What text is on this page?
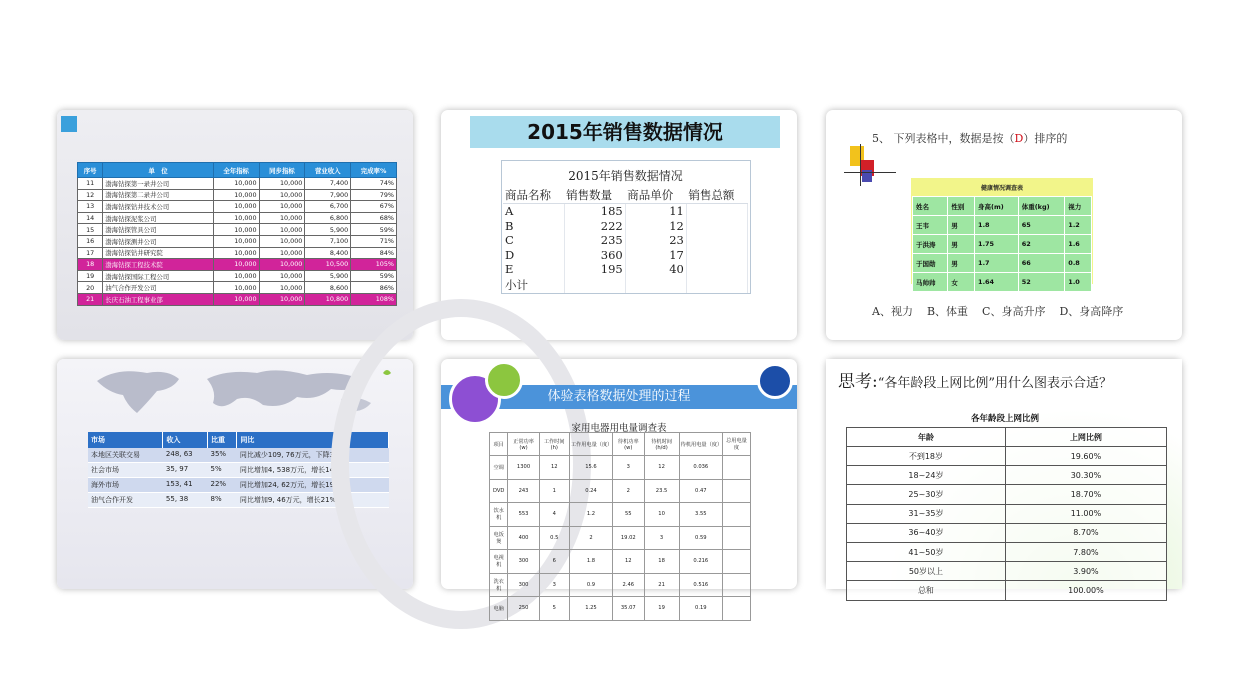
序号	单　位	全年指标	同步指标	营业收入	完成率%
11	渤海钻探第一录井公司	10,000	10,000	7,400	74%
12	渤海钻探第二录井公司	10,000	10,000	7,900	79%
13	渤海钻探钻井技术公司	10,000	10,000	6,700	67%
14	渤海钻探泥浆公司	10,000	10,000	6,800	68%
15	渤海钻探管具公司	10,000	10,000	5,900	59%
16	渤海钻探测井公司	10,000	10,000	7,100	71%
17	渤海钻探钻井研究院	10,000	10,000	8,400	84%
18	渤海钻探工程技术院	10,000	10,000	10,500	105%
19	渤海钻探国际工程公司	10,000	10,000	5,900	59%
20	油气合作开发公司	10,000	10,000	8,600	86%
21	长庆石油工程事业部	10,000	10,000	10,800	108%
2015年销售数据情况
2015年销售数据情况
商品名称	销售数量	商品单价	销售总额
A	185	11	
B	222	12	
C	235	23	
D	360	17	
E	195	40	
小计			
5、 下列表格中，数据是按（D）排序的
健康情况调查表
姓名	性别	身高(m)	体重(kg)	视力
王韦	男	1.8	65	1.2
于洪涛	男	1.75	62	1.6
于国勋	男	1.7	66	0.8
马帅帅	女	1.64	52	1.0
A、视力 B、体重 C、身高升序 D、身高降序
市场	收入	比重	同比
本地区关联交易	248, 63	35%	同比减少109, 76万元，下降31%
社会市场	35, 97	5%	同比增加4, 538万元，增长14%
海外市场	153, 41	22%	同比增加24, 62万元，增长19%
油气合作开发	55, 38	8%	同比增加9, 46万元，增长21%
体验表格数据处理的过程
家用电器用电量调查表
项目	正常功率(w)	工作时间(h)	工作用电量（度）	待机功率(w)	待机时间(h/d)	待机用电量（度）	总用电量度
空调	1300	12	15.6	3	12	0.036	
DVD	243	1	0.24	2	23.5	0.47	
饮水机	553	4	1.2	55	10	3.55	
电饭煲	400	0.5	2	19.02	3	0.59	
电视机	300	6	1.8	12	18	0.216	
洗衣机	300	3	0.9	2.46	21	0.516	
电脑	250	5	1.25	35.07	19	0.19	
思考:“各年龄段上网比例”用什么图表示合适？
各年龄段上网比例
年龄	上网比例
不到18岁	19.60%
18~24岁	30.30%
25~30岁	18.70%
31~35岁	11.00%
36~40岁	8.70%
41~50岁	7.80%
50岁以上	3.90%
总和	100.00%
